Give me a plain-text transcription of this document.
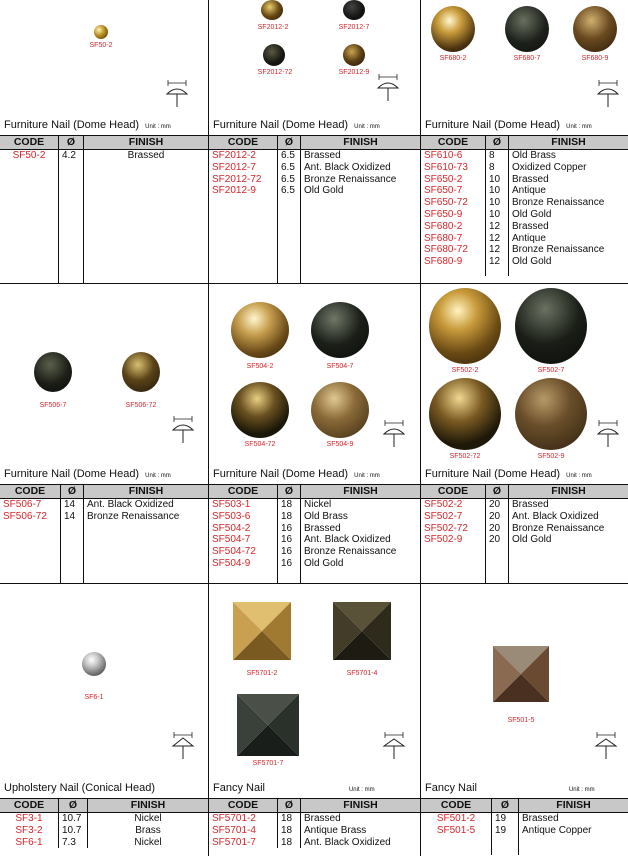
SF50-2
Furniture Nail (Dome Head) Unit : mm
CODE	Ø	FINISH
SF50-2	4.2	Brassed
SF2012-2	SF2012-7
SF2012-72	SF2012-9
Furniture Nail (Dome Head) Unit : mm
CODE	Ø	FINISH
SF2012-2	6.5	Brassed
SF2012-7	6.5	Ant. Black Oxidized
SF2012-72	6.5	Bronze Renaissance
SF2012-9	6.5	Old Gold
SF680-2	SF680-7	SF680-9
Furniture Nail (Dome Head) Unit : mm
CODE	Ø	FINISH
SF610-6	8	Old Brass
SF610-73	8	Oxidized Copper
SF650-2	10	Brassed
SF650-7	10	Antique
SF650-72	10	Bronze Renaissance
SF650-9	10	Old Gold
SF680-2	12	Brassed
SF680-7	12	Antique
SF680-72	12	Bronze Renaissance
SF680-9	12	Old Gold
SF506-7	SF506-72
Furniture Nail (Dome Head) Unit : mm
CODE	Ø	FINISH
SF506-7	14	Ant. Black Oxidized
SF506-72	14	Bronze Renaissance
SF504-2	SF504-7
SF504-72	SF504-9
Furniture Nail (Dome Head) Unit : mm
CODE	Ø	FINISH
SF503-1	18	Nickel
SF503-6	18	Old Brass
SF504-2	16	Brassed
SF504-7	16	Ant. Black Oxidized
SF504-72	16	Bronze Renaissance
SF504-9	16	Old Gold
SF502-2	SF502-7
SF502-72	SF502-9
Furniture Nail (Dome Head) Unit : mm
CODE	Ø	FINISH
SF502-2	20	Brassed
SF502-7	20	Ant. Black Oxidized
SF502-72	20	Bronze Renaissance
SF502-9	20	Old Gold
SF6-1
Upholstery Nail (Conical Head)
CODE	Ø	FINISH
SF3-1	10.7	Nickel
SF3-2	10.7	Brass
SF6-1	7.3	Nickel
SF5701-2	SF5701-4
SF5701-7
Fancy Nail	Unit : mm
CODE	Ø	FINISH
SF5701-2	18	Brassed
SF5701-4	18	Antique Brass
SF5701-7	18	Ant. Black Oxidized
SF501-5
Fancy Nail	Unit : mm
CODE	Ø	FINISH
SF501-2	19	Brassed
SF501-5	19	Antique Copper
